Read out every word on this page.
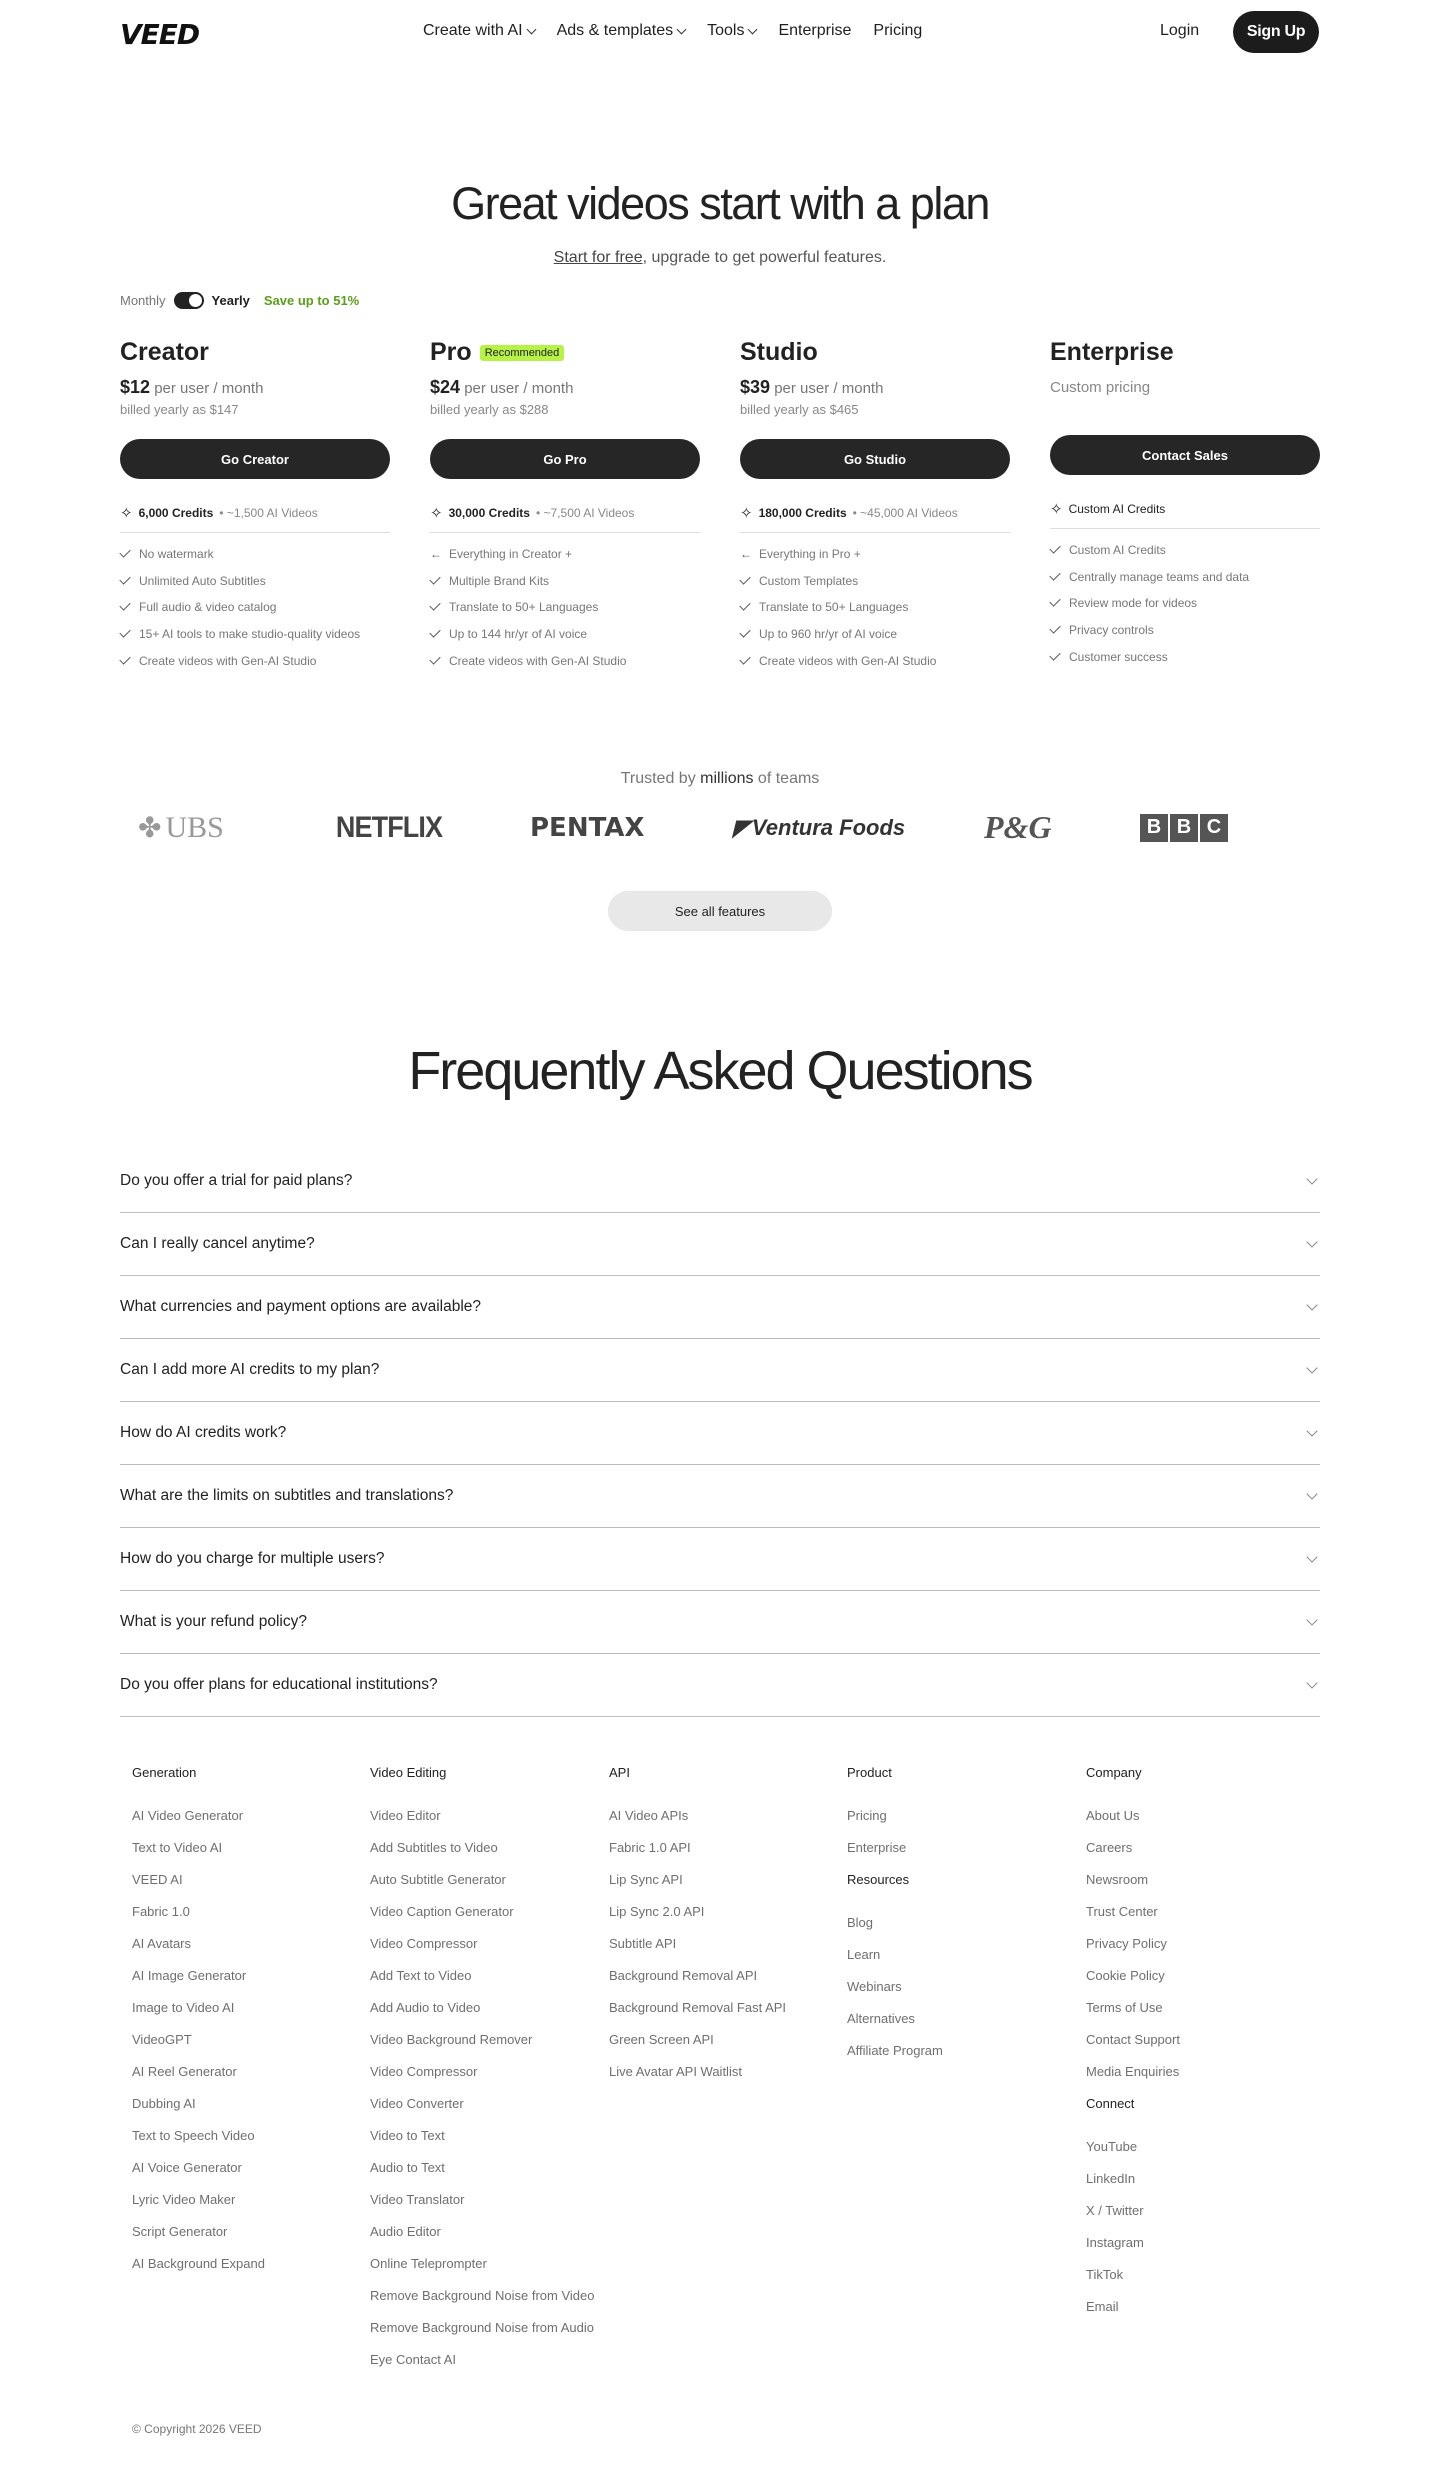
VEED	Create with AI Ads & templates Tools Enterprise Pricing	Login	Sign Up
Great videos start with a plan
Start for free, upgrade to get powerful features.
Monthly	Yearly Save up to 51%
Creator
$12 per user / month
billed yearly as $147
Go Creator
✧ 6,000 Credits • ~1,500 AI Videos
No watermark
Unlimited Auto Subtitles
Full audio & video catalog
15+ AI tools to make studio-quality videos
Create videos with Gen-AI Studio
Pro	Recommended
$24 per user / month
billed yearly as $288
Go Pro
✧ 30,000 Credits • ~7,500 AI Videos
← Everything in Creator +
Multiple Brand Kits
Translate to 50+ Languages
Up to 144 hr/yr of AI voice
Create videos with Gen-AI Studio
Studio
$39 per user / month
billed yearly as $465
Go Studio
✧ 180,000 Credits • ~45,000 AI Videos
← Everything in Pro +
Custom Templates
Translate to 50+ Languages
Up to 960 hr/yr of AI voice
Create videos with Gen-AI Studio
Enterprise
Custom pricing
Contact Sales
✧ Custom AI Credits
Custom AI Credits
Centrally manage teams and data
Review mode for videos
Privacy controls
Customer success
Trusted by millions of teams
✤ UBS	NETFLIX	PENTAX	◤ Ventura Foods P&G	B B C
See all features
Frequently Asked Questions
Do you offer a trial for paid plans?
Can I really cancel anytime?
What currencies and payment options are available?
Can I add more AI credits to my plan?
How do AI credits work?
What are the limits on subtitles and translations?
How do you charge for multiple users?
What is your refund policy?
Do you offer plans for educational institutions?
Generation
AI Video Generator
Text to Video AI
VEED AI
Fabric 1.0
AI Avatars
AI Image Generator
Image to Video AI
VideoGPT
AI Reel Generator
Dubbing AI
Text to Speech Video
AI Voice Generator
Lyric Video Maker
Script Generator
AI Background Expand
Video Editing
Video Editor
Add Subtitles to Video
Auto Subtitle Generator
Video Caption Generator
Video Compressor
Add Text to Video
Add Audio to Video
Video Background Remover
Video Compressor
Video Converter
Video to Text
Audio to Text
Video Translator
Audio Editor
Online Teleprompter
Remove Background Noise from Video
Remove Background Noise from Audio
Eye Contact AI
API
AI Video APIs
Fabric 1.0 API
Lip Sync API
Lip Sync 2.0 API
Subtitle API
Background Removal API
Background Removal Fast API
Green Screen API
Live Avatar API Waitlist
Product
Pricing
Enterprise
Resources
Blog
Learn
Webinars
Alternatives
Affiliate Program
Company
About Us
Careers
Newsroom
Trust Center
Privacy Policy
Cookie Policy
Terms of Use
Contact Support
Media Enquiries
Connect
YouTube
LinkedIn
X / Twitter
Instagram
TikTok
Email
© Copyright 2026 VEED
